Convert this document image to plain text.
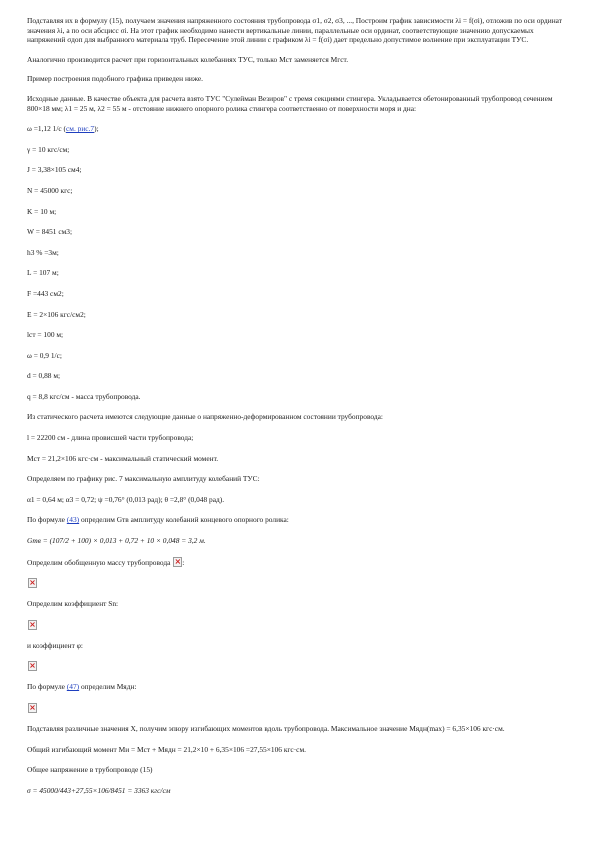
Подставляя их в формулу (15), получаем значения напряженного состояния трубопровода σ1, σ2, σ3, ..., Построим график зависимости λi = f(σi), отложив по оси ординат значения λi, а по оси абсцисс σi. На этот график необходимо нанести вертикальные линии, параллельные оси ординат, соответствующие значению допускаемых напряжений σдоп для выбранного материала труб. Пересечение этой линии с графиком λi = f(σi) дает предельно допустимое волнение при эксплуатации ТУС.

Аналогично производится расчет при горизонтальных колебаниях ТУС, только Mст заменяется Mгст.

Пример построения подобного графика приведен ниже.

Исходные данные. В качестве объекта для расчета взято ТУС "Сулейман Везиров" с тремя секциями стингера. Укладывается обетонированный трубопровод сечением 800×18 мм; λ1 = 25 м, λ2 = 55 м - отстояние нижнего опорного ролика стингера соответственно от поверхности моря и дна:

ω =1,12 1/с (см. рис.7);

γ = 10 кгс/см;

J = 3,38×105 см4;

N = 45000 кгс;

K = 10 м;

W = 8451 см3;

h3 % =3м;

L = 107 м;

F =443 см2;

E = 2×106 кгс/см2;

lст = 100 м;

ω = 0,9 1/с;

d = 0,88 м;

q = 8,8 кгс/см - масса трубопровода.

Из статического расчета имеются следующие данные о напряженно-деформированном состоянии трубопровода:

l = 22200 см - длина провисшей части трубопровода;

Mст = 21,2×106 кгс·см - максимальный статический момент.

Определяем по графику рис. 7 максимальную амплитуду колебаний ТУС:

α1 = 0,64 м; α3 = 0,72; ψ =0,76° (0,013 рад); θ =2,8° (0,048 рад).

По формуле (43) определим Gтв амплитуду колебаний концевого опорного ролика:

Gтв = (107/2 + 100) × 0,013 + 0,72 + 10 × 0,048 = 3,2 м.

Определим обобщенную массу трубопровода × :

×

Определим коэффициент Sn:

×

и коэффициент φ:

×

По формуле (47) определим Mядн:

×

Подставляя различные значения X, получим эпюру изгибающих моментов вдоль трубопровода. Максимальное значение Mядн(max) = 6,35×106 кгс·см.

Общий изгибающий момент Mи = Mст + Mядн = 21,2×10 + 6,35×106 =27,55×106 кгс·см.

Общее напряжение в трубопроводе (15)

σ = 45000/443+27,55×106/8451 = 3363 кгс/см
